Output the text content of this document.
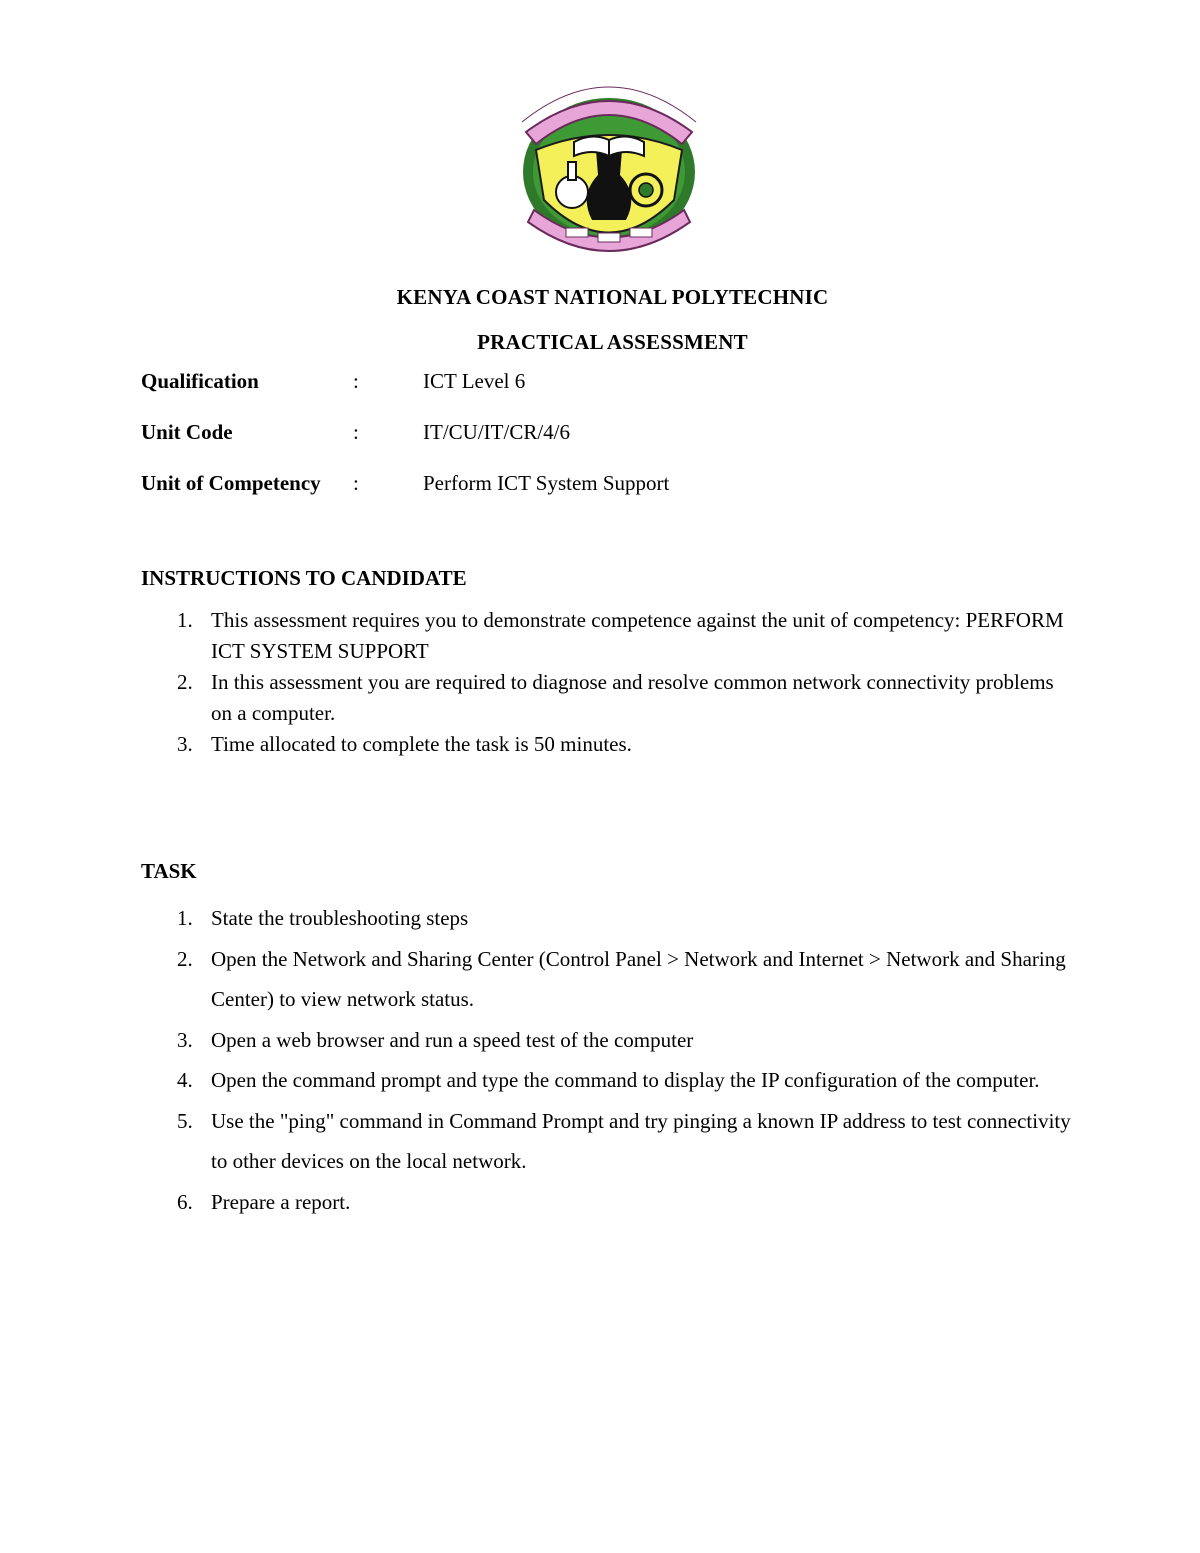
KENYA COAST NATIONAL POLYTECHNIC
PRACTICAL ASSESSMENT
Qualification	:	ICT Level 6
Unit Code	:	IT/CU/IT/CR/4/6
Unit of Competency :	Perform ICT System Support
INSTRUCTIONS TO CANDIDATE
1. This assessment requires you to demonstrate competence against the unit of competency: PERFORM ICT SYSTEM SUPPORT
2. In this assessment you are required to diagnose and resolve common network connectivity problems on a computer.
3. Time allocated to complete the task is 50 minutes.
TASK
1. State the troubleshooting steps
2. Open the Network and Sharing Center (Control Panel > Network and Internet > Network and Sharing Center) to view network status.
3. Open a web browser and run a speed test of the computer
4. Open the command prompt and type the command to display the IP configuration of the computer.
5. Use the "ping" command in Command Prompt and try pinging a known IP address to test connectivity to other devices on the local network.
6. Prepare a report.
